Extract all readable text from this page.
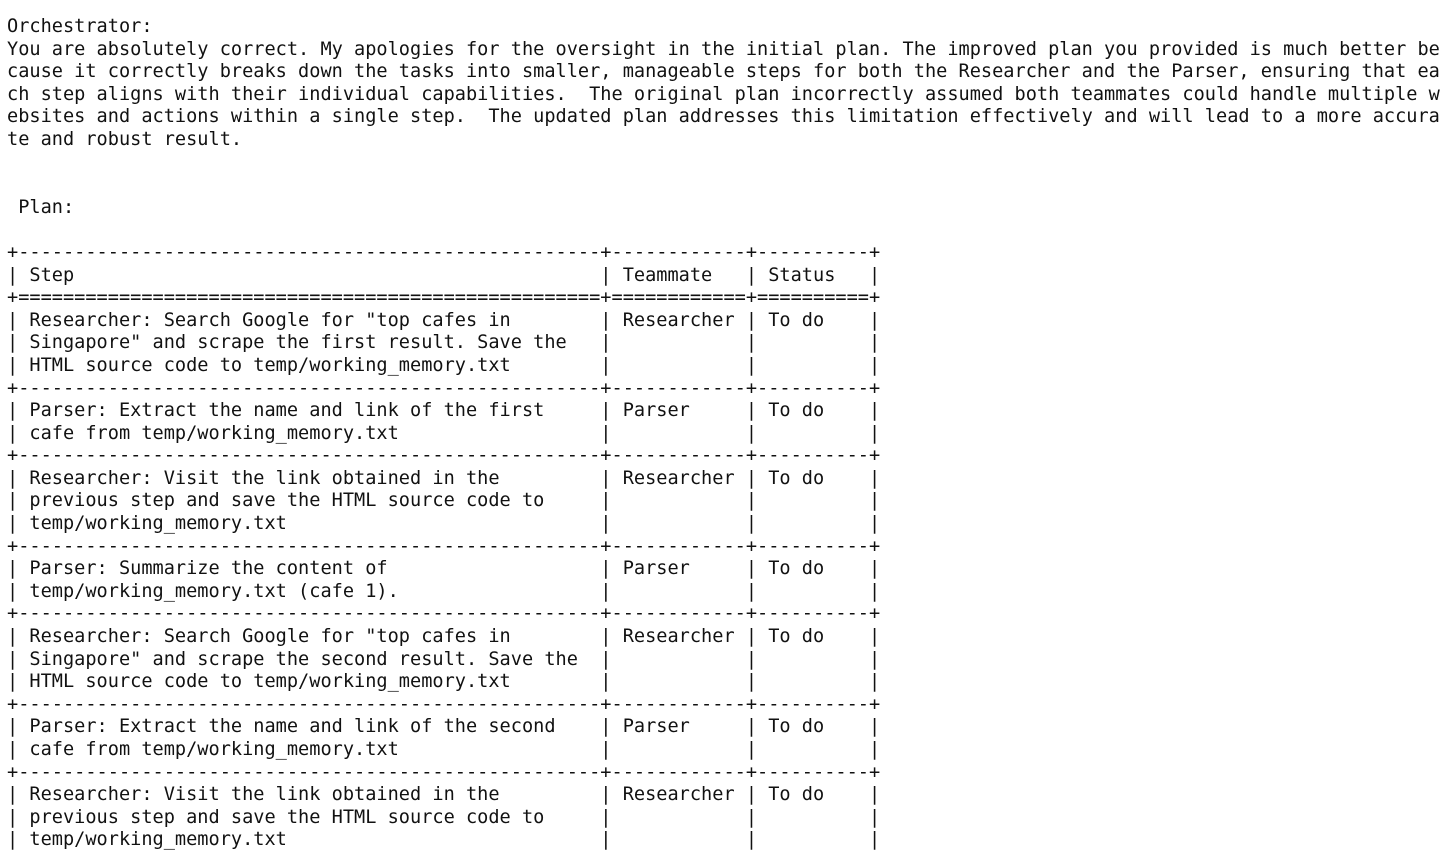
Orchestrator:
You are absolutely correct. My apologies for the oversight in the initial plan. The improved plan you provided is much better be
cause it correctly breaks down the tasks into smaller, manageable steps for both the Researcher and the Parser, ensuring that ea
ch step aligns with their individual capabilities.  The original plan incorrectly assumed both teammates could handle multiple w
ebsites and actions within a single step.  The updated plan addresses this limitation effectively and will lead to a more accura
te and robust result.

Plan:

+----------------------------------------------------+------------+----------+
| Step                                               | Teammate   | Status   |
+====================================================+============+==========+
| Researcher: Search Google for "top cafes in        | Researcher | To do    |
| Singapore" and scrape the first result. Save the   |            |          |
| HTML source code to temp/working_memory.txt        |            |          |
+----------------------------------------------------+------------+----------+
| Parser: Extract the name and link of the first     | Parser     | To do    |
| cafe from temp/working_memory.txt                  |            |          |
+----------------------------------------------------+------------+----------+
| Researcher: Visit the link obtained in the         | Researcher | To do    |
| previous step and save the HTML source code to     |            |          |
| temp/working_memory.txt                            |            |          |
+----------------------------------------------------+------------+----------+
| Parser: Summarize the content of                   | Parser     | To do    |
| temp/working_memory.txt (cafe 1).                  |            |          |
+----------------------------------------------------+------------+----------+
| Researcher: Search Google for "top cafes in        | Researcher | To do    |
| Singapore" and scrape the second result. Save the  |            |          |
| HTML source code to temp/working_memory.txt        |            |          |
+----------------------------------------------------+------------+----------+
| Parser: Extract the name and link of the second    | Parser     | To do    |
| cafe from temp/working_memory.txt                  |            |          |
+----------------------------------------------------+------------+----------+
| Researcher: Visit the link obtained in the         | Researcher | To do    |
| previous step and save the HTML source code to     |            |          |
| temp/working_memory.txt                            |            |          |
